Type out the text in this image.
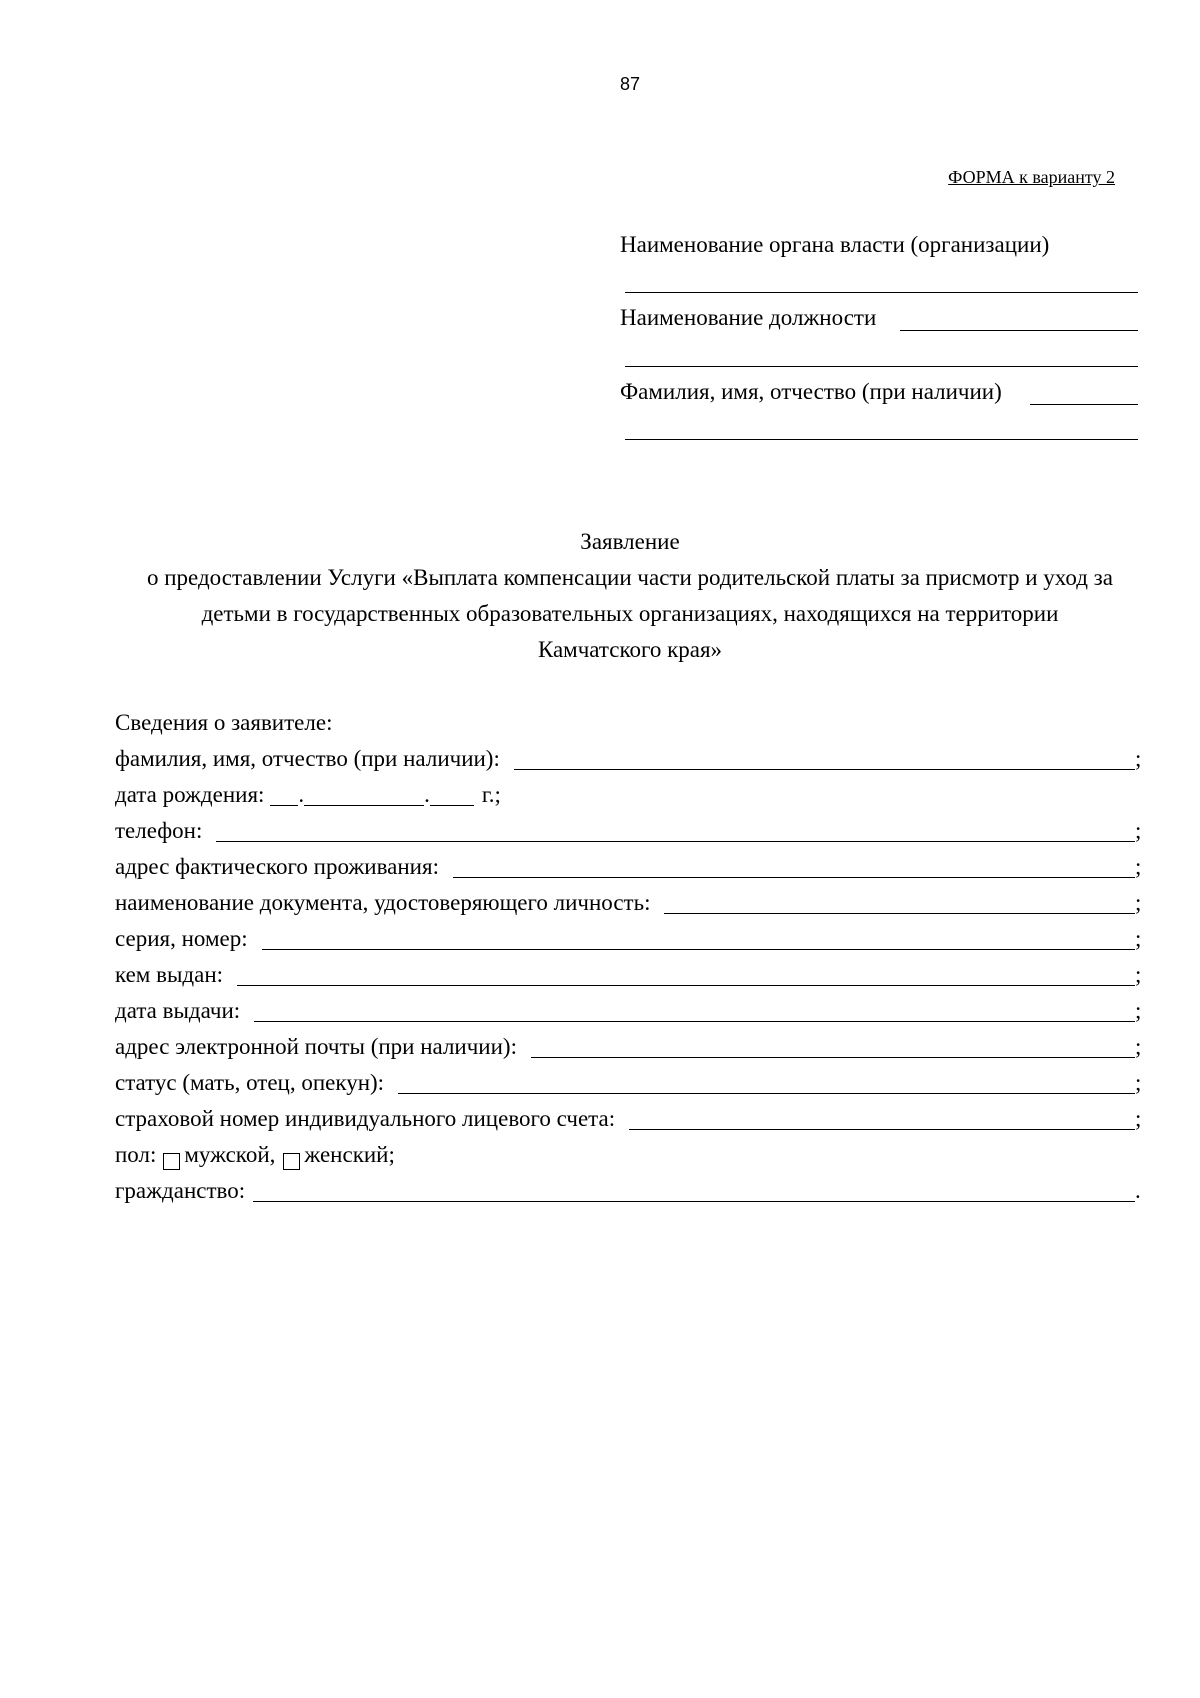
87
ФОРМА к варианту 2
Наименование органа власти (организации)
Наименование должности
Фамилия, имя, отчество (при наличии)
Заявление
о предоставлении Услуги «Выплата компенсации части родительской платы за присмотр и уход за
детьми в государственных образовательных организациях, находящихся на территории
Камчатского края»
Сведения о заявителе:
фамилия, имя, отчество (при наличии):	;
дата рождения: .	. г.;
телефон:	;
адрес фактического проживания:	;
наименование документа, удостоверяющего личность:	;
серия, номер:	;
кем выдан:	;
дата выдачи:	;
адрес электронной почты (при наличии):	;
статус (мать, отец, опекун):	;
страховой номер индивидуального лицевого счета:	;
пол: мужской, женский;
гражданство:	.
